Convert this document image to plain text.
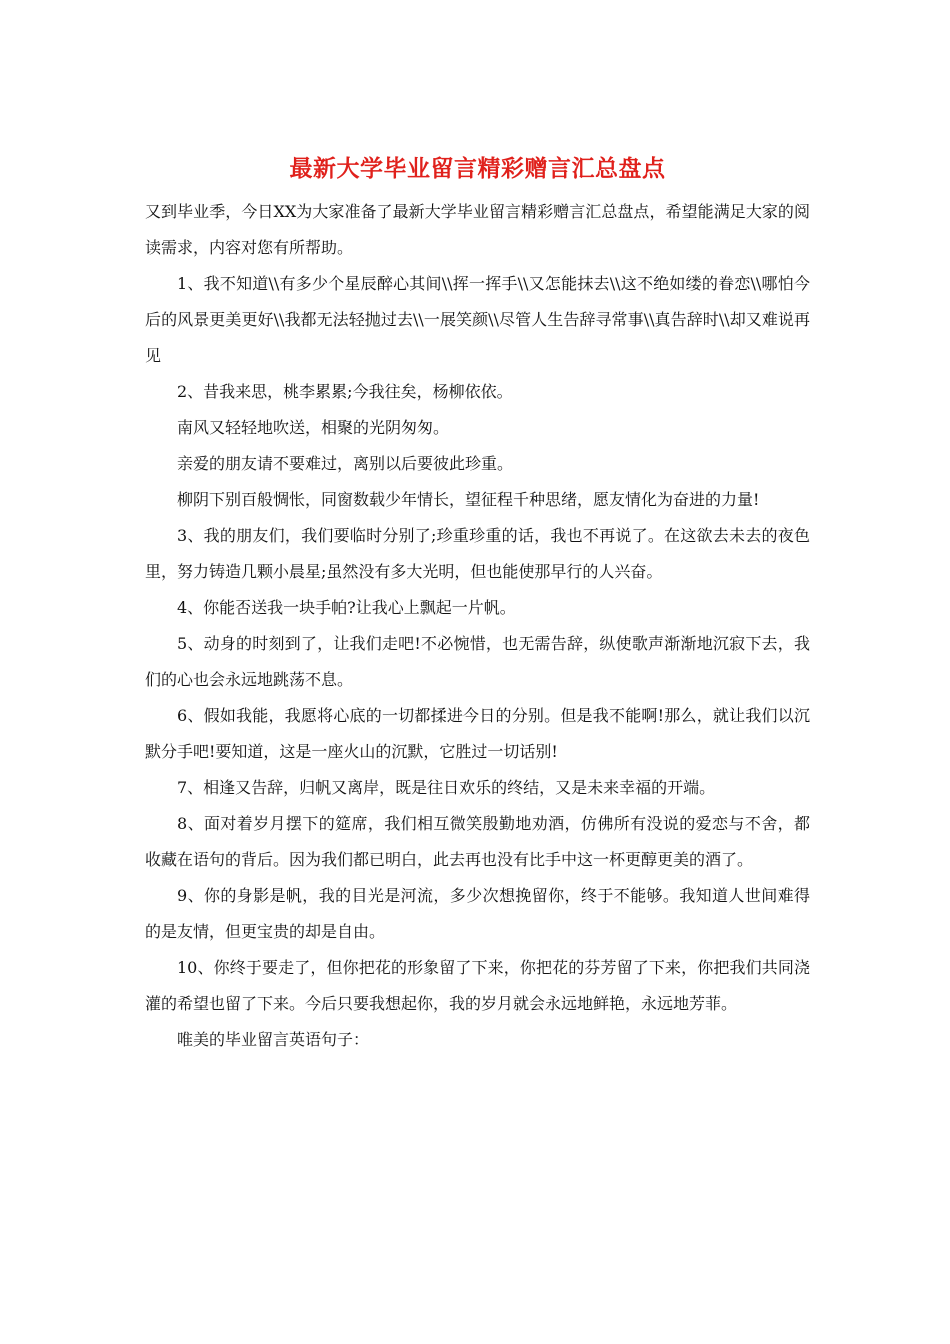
最新大学毕业留言精彩赠言汇总盘点

又到毕业季，今日XX为大家准备了最新大学毕业留言精彩赠言汇总盘点，希望能满足大家的阅读需求，内容对您有所帮助。

1、我不知道\\有多少个星辰醉心其间\\挥一挥手\\又怎能抹去\\这不绝如缕的眷恋\\哪怕今后的风景更美更好\\我都无法轻抛过去\\一展笑颜\\尽管人生告辞寻常事\\真告辞时\\却又难说再见

2、昔我来思，桃李累累;今我往矣，杨柳依依。

南风又轻轻地吹送，相聚的光阴匆匆。

亲爱的朋友请不要难过，离别以后要彼此珍重。

柳阴下别百般惆怅，同窗数载少年情长，望征程千种思绪，愿友情化为奋进的力量!

3、我的朋友们，我们要临时分别了;珍重珍重的话，我也不再说了。在这欲去未去的夜色里，努力铸造几颗小晨星;虽然没有多大光明，但也能使那早行的人兴奋。

4、你能否送我一块手帕?让我心上飘起一片帆。

5、动身的时刻到了，让我们走吧!不必惋惜，也无需告辞，纵使歌声渐渐地沉寂下去，我们的心也会永远地跳荡不息。

6、假如我能，我愿将心底的一切都揉进今日的分别。但是我不能啊!那么，就让我们以沉默分手吧!要知道，这是一座火山的沉默，它胜过一切话别!

7、相逢又告辞，归帆又离岸，既是往日欢乐的终结，又是未来幸福的开端。

8、面对着岁月摆下的筵席，我们相互微笑殷勤地劝酒，仿佛所有没说的爱恋与不舍，都收藏在语句的背后。因为我们都已明白，此去再也没有比手中这一杯更醇更美的酒了。

9、你的身影是帆，我的目光是河流，多少次想挽留你，终于不能够。我知道人世间难得的是友情，但更宝贵的却是自由。

10、你终于要走了，但你把花的形象留了下来，你把花的芬芳留了下来，你把我们共同浇灌的希望也留了下来。今后只要我想起你，我的岁月就会永远地鲜艳，永远地芳菲。

唯美的毕业留言英语句子：
